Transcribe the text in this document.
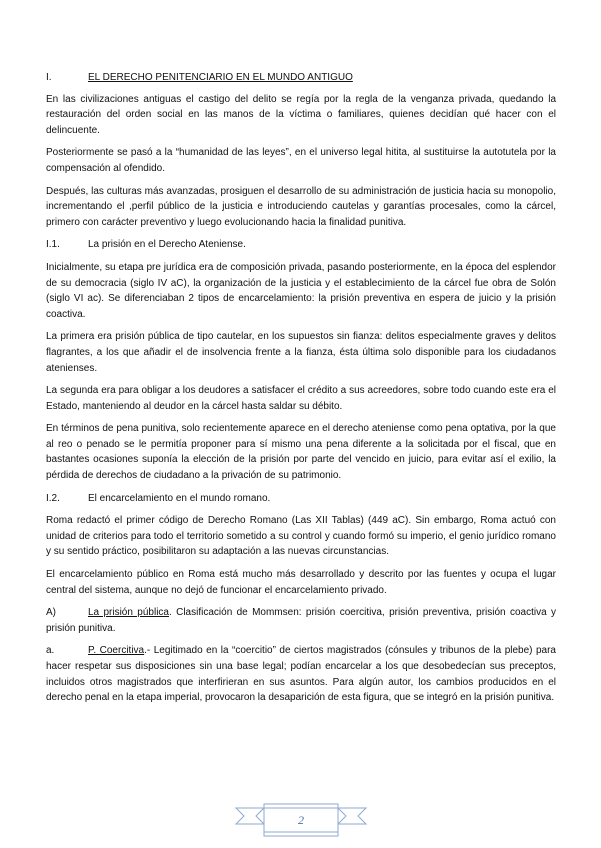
I.	EL DERECHO PENITENCIARIO EN EL MUNDO ANTIGUO

En las civilizaciones antiguas el castigo del delito se regía por la regla de la venganza privada, quedando la restauración del orden social en las manos de la víctima o familiares, quienes decidían qué hacer con el delincuente.

Posteriormente se pasó a la “humanidad de las leyes”, en el universo legal hitita, al sustituirse la autotutela por la compensación al ofendido.

Después, las culturas más avanzadas, prosiguen el desarrollo de su administración de justicia hacia su monopolio, incrementando el ,perfil público de la justicia e introduciendo cautelas y garantías procesales, como la cárcel, primero con carácter preventivo y luego evolucionando hacia la finalidad punitiva.

I.1.	La prisión en el Derecho Ateniense.

Inicialmente, su etapa pre jurídica era de composición privada, pasando posteriormente, en la época del esplendor de su democracia (siglo IV aC), la organización de la justicia y el establecimiento de la cárcel fue obra de Solón (siglo VI ac). Se diferenciaban 2 tipos de encarcelamiento: la prisión preventiva en espera de juicio y la prisión coactiva.

La primera era prisión pública de tipo cautelar, en los supuestos sin fianza: delitos especialmente graves y delitos flagrantes, a los que añadir el de insolvencia frente a la fianza, ésta última solo disponible para los ciudadanos atenienses.

La segunda era para obligar a los deudores a satisfacer el crédito a sus acreedores, sobre todo cuando este era el Estado, manteniendo al deudor en la cárcel hasta saldar su débito.

En términos de pena punitiva, solo recientemente aparece en el derecho ateniense como pena optativa, por la que al reo o penado se le permitía proponer para sí mismo una pena diferente a la solicitada por el fiscal, que en bastantes ocasiones suponía la elección de la prisión por parte del vencido en juicio, para evitar así el exilio, la pérdida de derechos de ciudadano a la privación de su patrimonio.

I.2.	El encarcelamiento en el mundo romano.

Roma redactó el primer código de Derecho Romano (Las XII Tablas) (449 aC). Sin embargo, Roma actuó con unidad de criterios para todo el territorio sometido a su control y cuando formó su imperio, el genio jurídico romano y su sentido práctico, posibilitaron su adaptación a las nuevas circunstancias.

El encarcelamiento público en Roma está mucho más desarrollado y descrito por las fuentes y ocupa el lugar central del sistema, aunque no dejó de funcionar el encarcelamiento privado.

A)	La prisión pública. Clasificación de Mommsen: prisión coercitiva, prisión preventiva, prisión coactiva y prisión punitiva.

a.	P. Coercitiva.- Legitimado en la “coercitio” de ciertos magistrados (cónsules y tribunos de la plebe) para hacer respetar sus disposiciones sin una base legal; podían encarcelar a los que desobedecían sus preceptos, incluidos otros magistrados que interfirieran en sus asuntos. Para algún autor, los cambios producidos en el derecho penal en la etapa imperial, provocaron la desaparición de esta figura, que se integró en la prisión punitiva.

2
